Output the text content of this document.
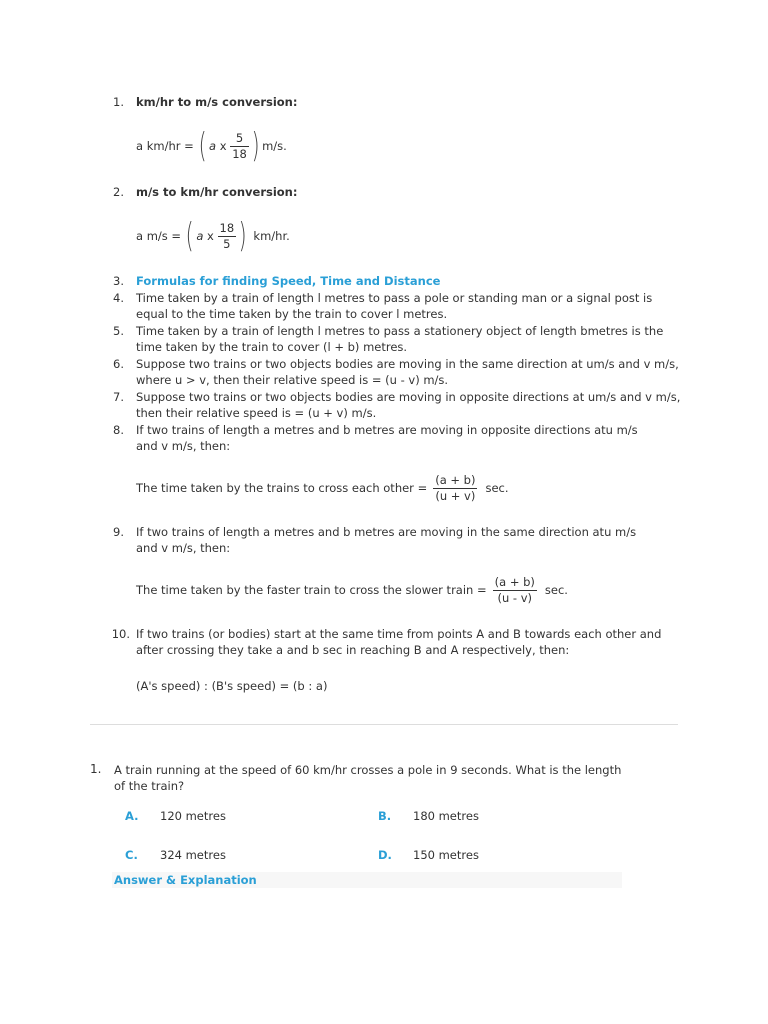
1. km/hr to m/s conversion:
a km/hr = ( a x $\frac{5}{18}$ ) m/s.
2. m/s to km/hr conversion:
a m/s = ( a x $\frac{18}{5}$ ) km/hr.
3. Formulas for finding Speed, Time and Distance
4. Time taken by a train of length l metres to pass a pole or standing man or a signal post is
equal to the time taken by the train to cover l metres.
5. Time taken by a train of length l metres to pass a stationery object of length bmetres is the
time taken by the train to cover (l + b) metres.
6. Suppose two trains or two objects bodies are moving in the same direction at um/s and v m/s,
where u > v, then their relative speed is = (u - v) m/s.
7. Suppose two trains or two objects bodies are moving in opposite directions at um/s and v m/s,
then their relative speed is = (u + v) m/s.
8. If two trains of length a metres and b metres are moving in opposite directions atu m/s
and v m/s, then:
The time taken by the trains to cross each other = $\frac{(a + b)}{(u + v)} \sec$.
9. If two trains of length a metres and b metres are moving in the same direction atu m/s
and v m/s, then:
The time taken by the faster train to cross the slower train = $\frac{(a + b)}{(u - v)} \sec$.
10. If two trains (or bodies) start at the same time from points A and B towards each other and
after crossing they take a and b sec in reaching B and A respectively, then:
(A's speed) : (B's speed) = (b : a)
1. A train running at the speed of 60 km/hr crosses a pole in 9 seconds. What is the length
of the train?
A. 120 metres	B. 180 metres
C. 324 metres	D. 150 metres
Answer & Explanation
